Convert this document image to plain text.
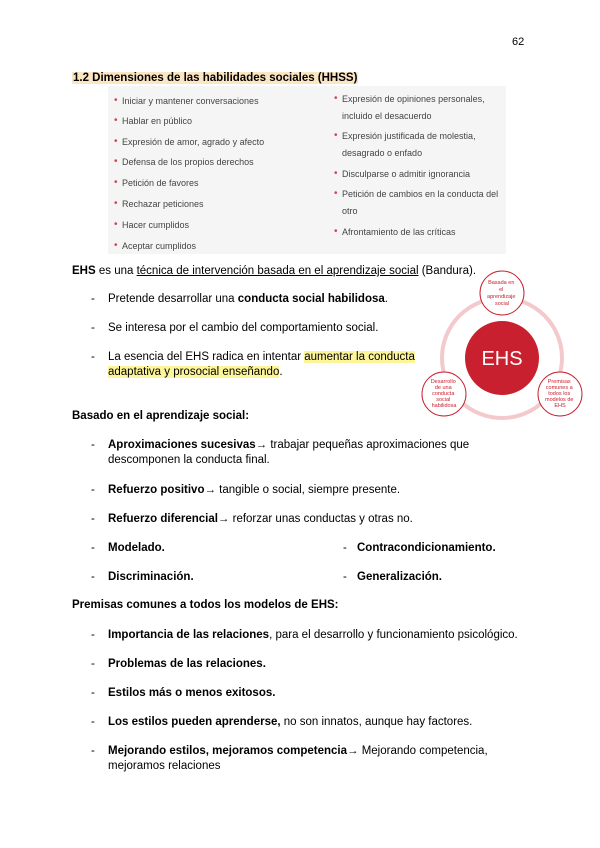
62
1.2 Dimensiones de las habilidades sociales (HHSS)
• Iniciar y mantener conversaciones
• Hablar en público
• Expresión de amor, agrado y afecto
• Defensa de los propios derechos
• Petición de favores
• Rechazar peticiones
• Hacer cumplidos
• Aceptar cumplidos
• Expresión de opiniones personales,
incluido el desacuerdo
• Expresión justificada de molestia,
desagrado o enfado
• Disculparse o admitir ignorancia
• Petición de cambios en la conducta del
otro
• Afrontamiento de las críticas
EHS es una técnica de intervención basada en el aprendizaje social (Bandura).
- Pretende desarrollar una conducta social habilidosa.
- Se interesa por el cambio del comportamiento social.
- La esencia del EHS radica en intentar aumentar la conducta
adaptativa y prosocial enseñando.
EHS
Basada en el aprendizaje social
Desarrollo de una conducta social habilidosa
Premisas comunes a todos los modelos de EHS
Basado en el aprendizaje social:
- Aproximaciones sucesivas→ trabajar pequeñas aproximaciones que
descomponen la conducta final.
- Refuerzo positivo→ tangible o social, siempre presente.
- Refuerzo diferencial→ reforzar unas conductas y otras no.
- Modelado.	- Contracondicionamiento.
- Discriminación.	- Generalización.
Premisas comunes a todos los modelos de EHS:
- Importancia de las relaciones, para el desarrollo y funcionamiento psicológico.
- Problemas de las relaciones.
- Estilos más o menos exitosos.
- Los estilos pueden aprenderse, no son innatos, aunque hay factores.
- Mejorando estilos, mejoramos competencia→ Mejorando competencia,
mejoramos relaciones
